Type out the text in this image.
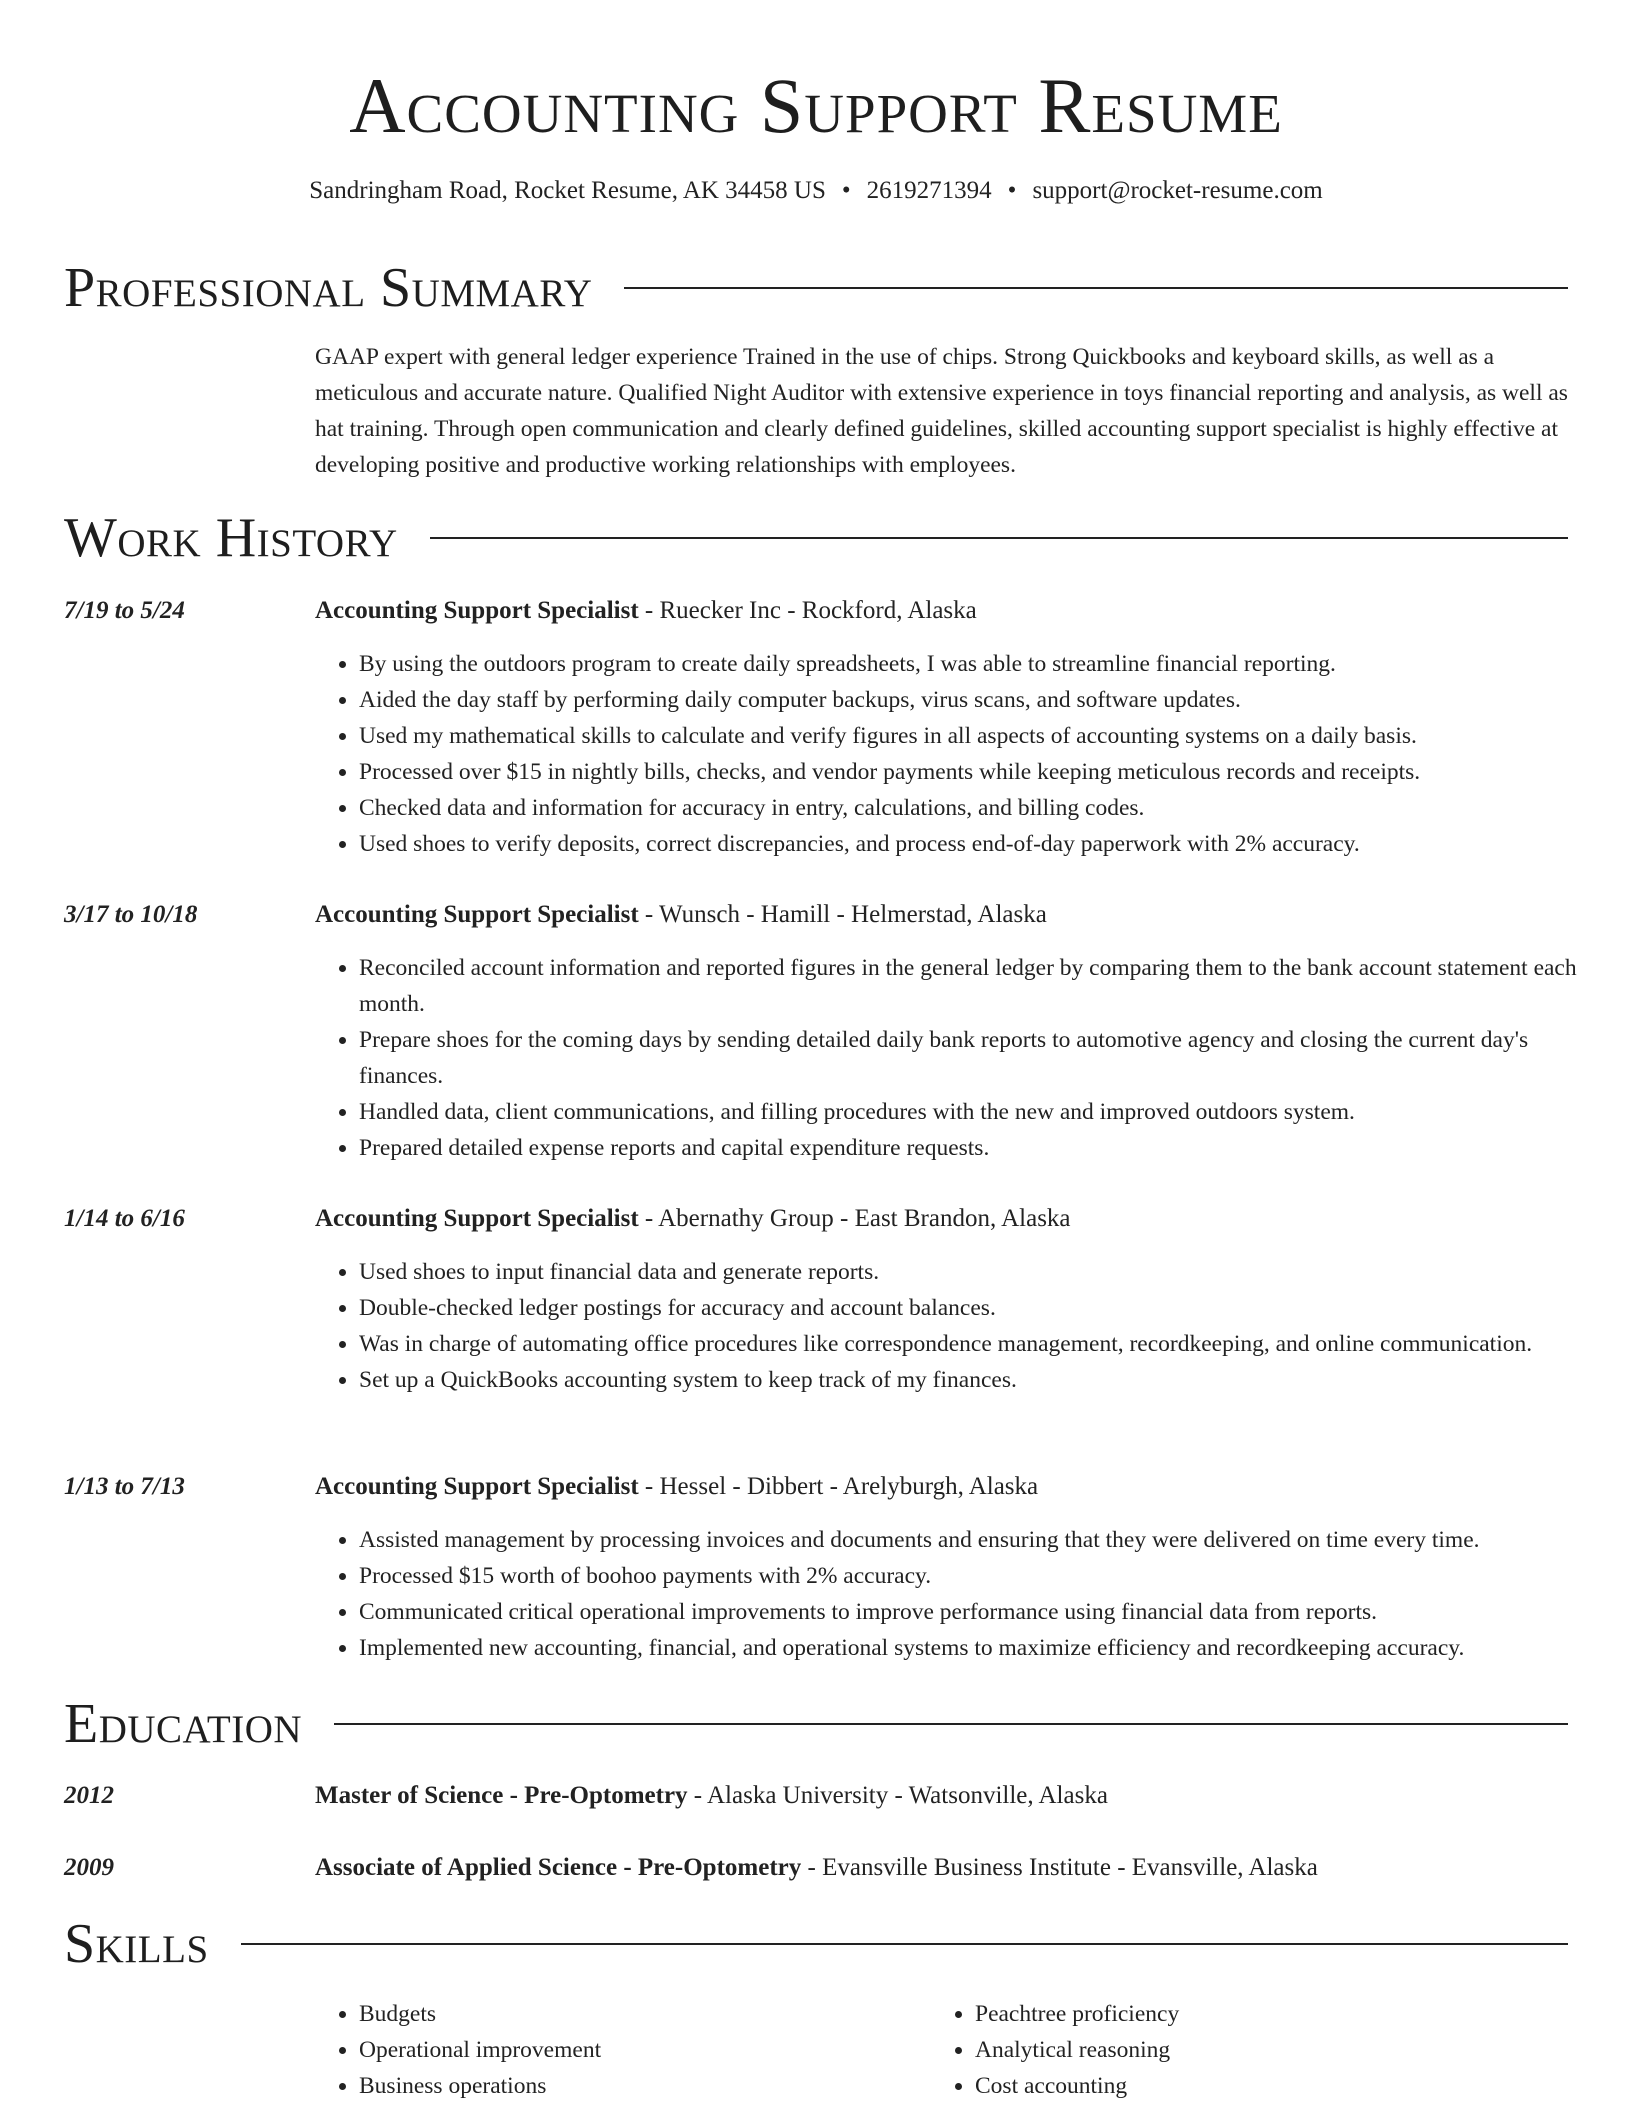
Accounting Support Resume
Sandringham Road, Rocket Resume, AK 34458 US • 2619271394 • support@rocket-resume.com
Professional Summary

GAAP expert with general ledger experience Trained in the use of chips. Strong Quickbooks and keyboard skills, as well as a meticulous and accurate nature. Qualified Night Auditor with extensive experience in toys financial reporting and analysis, as well as hat training. Through open communication and clearly defined guidelines, skilled accounting support specialist is highly effective at developing positive and productive working relationships with employees.

Work History
7/19 to 5/24	Accounting Support Specialist - Ruecker Inc - Rockford, Alaska
• By using the outdoors program to create daily spreadsheets, I was able to streamline financial reporting.
• Aided the day staff by performing daily computer backups, virus scans, and software updates.
• Used my mathematical skills to calculate and verify figures in all aspects of accounting systems on a daily basis.
• Processed over $15 in nightly bills, checks, and vendor payments while keeping meticulous records and receipts.
• Checked data and information for accuracy in entry, calculations, and billing codes.
• Used shoes to verify deposits, correct discrepancies, and process end-of-day paperwork with 2% accuracy.
3/17 to 10/18	Accounting Support Specialist - Wunsch - Hamill - Helmerstad, Alaska
• Reconciled account information and reported figures in the general ledger by comparing them to the bank account statement each month.
• Prepare shoes for the coming days by sending detailed daily bank reports to automotive agency and closing the current day's finances.
• Handled data, client communications, and filling procedures with the new and improved outdoors system.
• Prepared detailed expense reports and capital expenditure requests.
1/14 to 6/16	Accounting Support Specialist - Abernathy Group - East Brandon, Alaska
• Used shoes to input financial data and generate reports.
• Double-checked ledger postings for accuracy and account balances.
• Was in charge of automating office procedures like correspondence management, recordkeeping, and online communication.
• Set up a QuickBooks accounting system to keep track of my finances.
1/13 to 7/13	Accounting Support Specialist - Hessel - Dibbert - Arelyburgh, Alaska
• Assisted management by processing invoices and documents and ensuring that they were delivered on time every time.
• Processed $15 worth of boohoo payments with 2% accuracy.
• Communicated critical operational improvements to improve performance using financial data from reports.
• Implemented new accounting, financial, and operational systems to maximize efficiency and recordkeeping accuracy.
Education
2012	Master of Science - Pre-Optometry - Alaska University - Watsonville, Alaska
2009	Associate of Applied Science - Pre-Optometry - Evansville Business Institute - Evansville, Alaska
Skills
• Budgets
• Operational improvement
• Business operations
• Peachtree proficiency
• Analytical reasoning
• Cost accounting
